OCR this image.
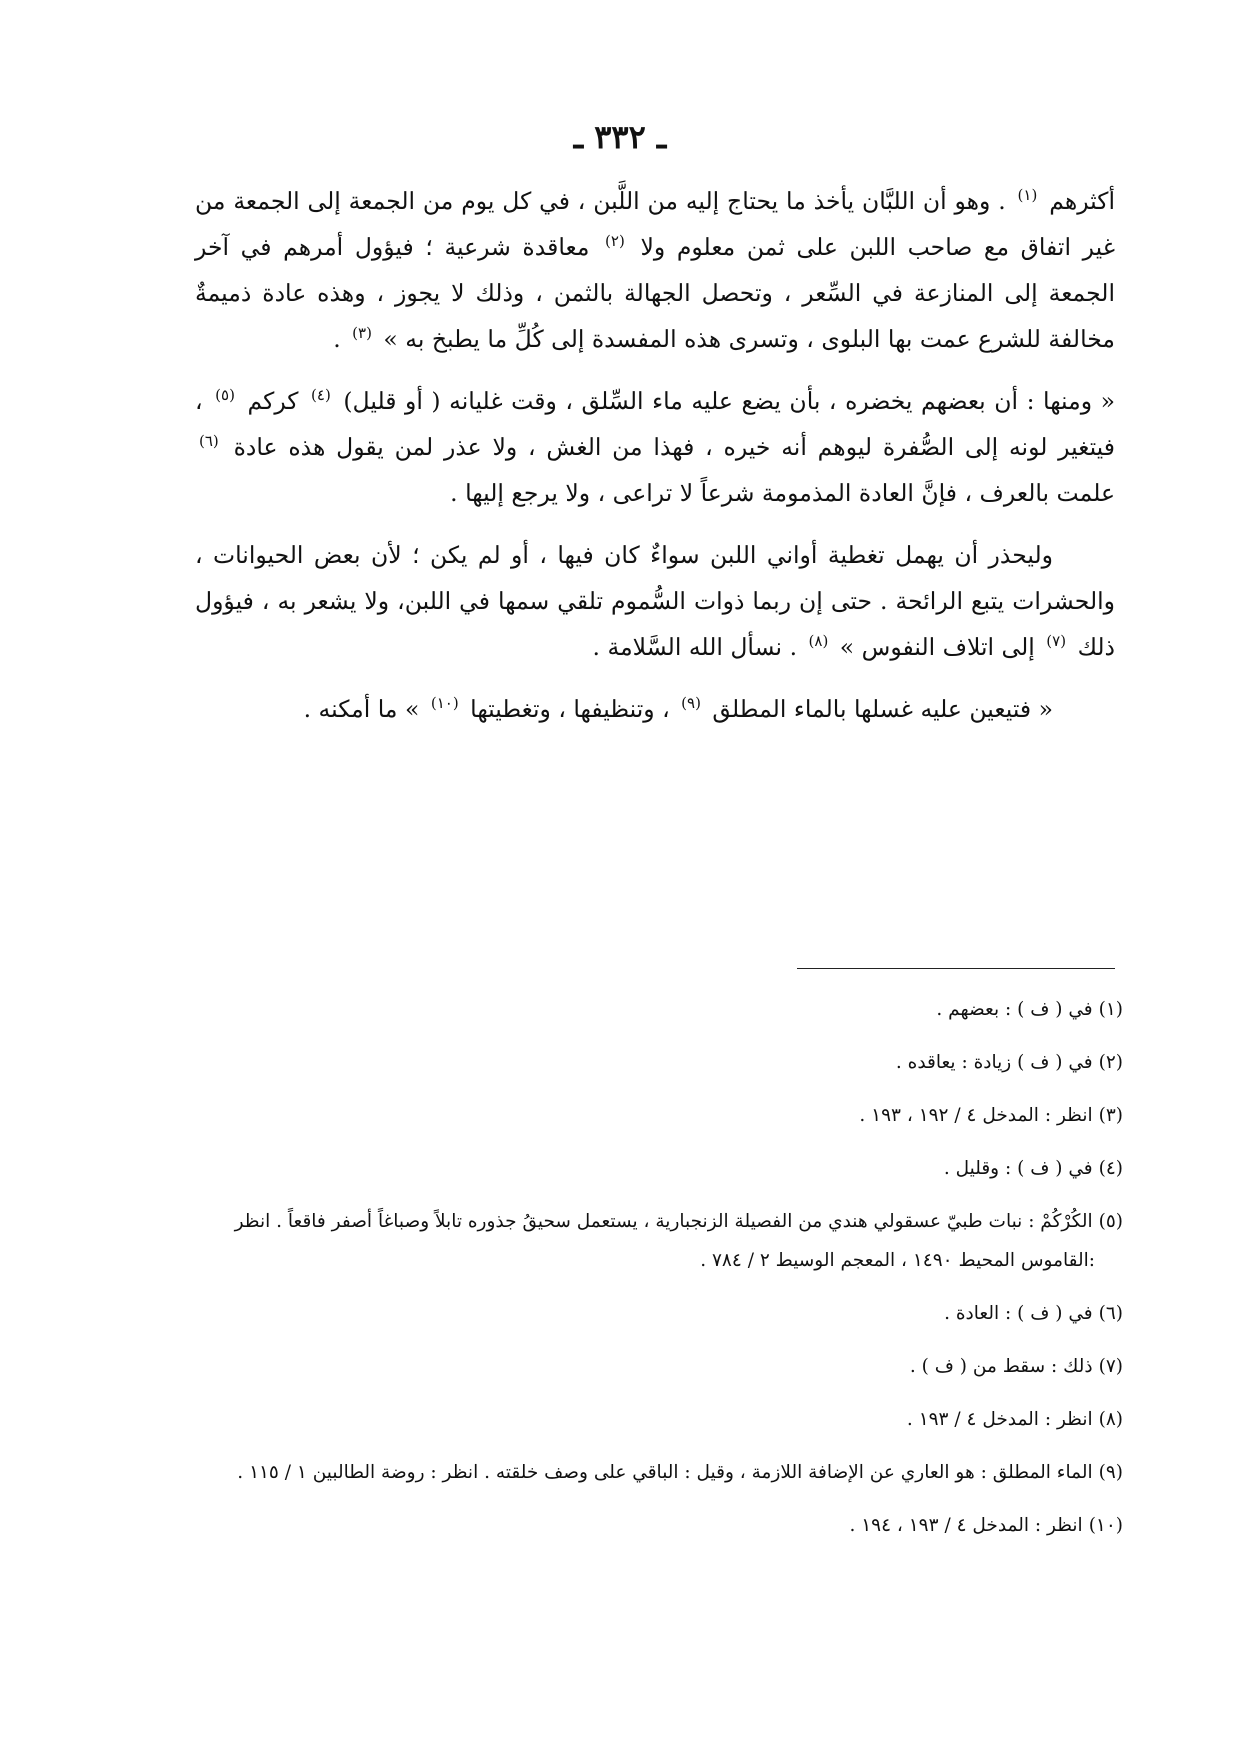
ـ ٣٣٢ ـ

أكثرهم $^{(١)}$ . وهو أن اللبَّان يأخذ ما يحتاج إليه من اللَّبن ، في كل يوم من الجمعة إلى الجمعة من غير اتفاق مع صاحب اللبن على ثمن معلوم ولا $^{(٢)}$ معاقدة شرعية ؛ فيؤول أمرهم في آخر الجمعة إلى المنازعة في السِّعر ، وتحصل الجهالة بالثمن ، وذلك لا يجوز ، وهذه عادة ذميمةٌ مخالفة للشرع عمت بها البلوى ، وتسرى هذه المفسدة إلى كُلِّ ما يطبخ به » $^{(٣)}$ .

« ومنها : أن بعضهم يخضره ، بأن يضع عليه ماء السِّلق ، وقت غليانه ( أو قليل) $^{(٤)}$ كركم $^{(٥)}$ ، فيتغير لونه إلى الصُّفرة ليوهم أنه خيره ، فهذا من الغش ، ولا عذر لمن يقول هذه عادة $^{(٦)}$ علمت بالعرف ، فإنَّ العادة المذمومة شرعاً لا تراعى ، ولا يرجع إليها .

وليحذر أن يهمل تغطية أواني اللبن سواءٌ كان فيها ، أو لم يكن ؛ لأن بعض الحيوانات ، والحشرات يتبع الرائحة . حتى إن ربما ذوات السُّموم تلقي سمها في اللبن، ولا يشعر به ، فيؤول ذلك $^{(٧)}$ إلى اتلاف النفوس » $^{(٨)}$ . نسأل الله السَّلامة .

« فتيعين عليه غسلها بالماء المطلق $^{(٩)}$ ، وتنظيفها ، وتغطيتها $^{(١٠)}$ » ما أمكنه .

(١)في ( ف ) : بعضهم .
(٢)في ( ف ) زيادة : يعاقده .
(٣)انظر : المدخل ٤ / ١٩٢ ، ١٩٣ .
(٤)في ( ف ) : وقليل .
(٥)الكُرْكُمْ : نبات طبيّ عسقولي هندي من الفصيلة الزنجبارية ، يستعمل سحيقُ جذوره تابلاً وصباغاً أصفر فاقعاً . انظر :القاموس المحيط ١٤٩٠ ، المعجم الوسيط ٢ / ٧٨٤ .
(٦)في ( ف ) : العادة .
(٧)ذلك : سقط من ( ف ) .
(٨)انظر : المدخل ٤ / ١٩٣ .
(٩)الماء المطلق : هو العاري عن الإضافة اللازمة ، وقيل : الباقي على وصف خلقته . انظر : روضة الطالبين ١ / ١١٥ .
(١٠)انظر : المدخل ٤ / ١٩٣ ، ١٩٤ .
